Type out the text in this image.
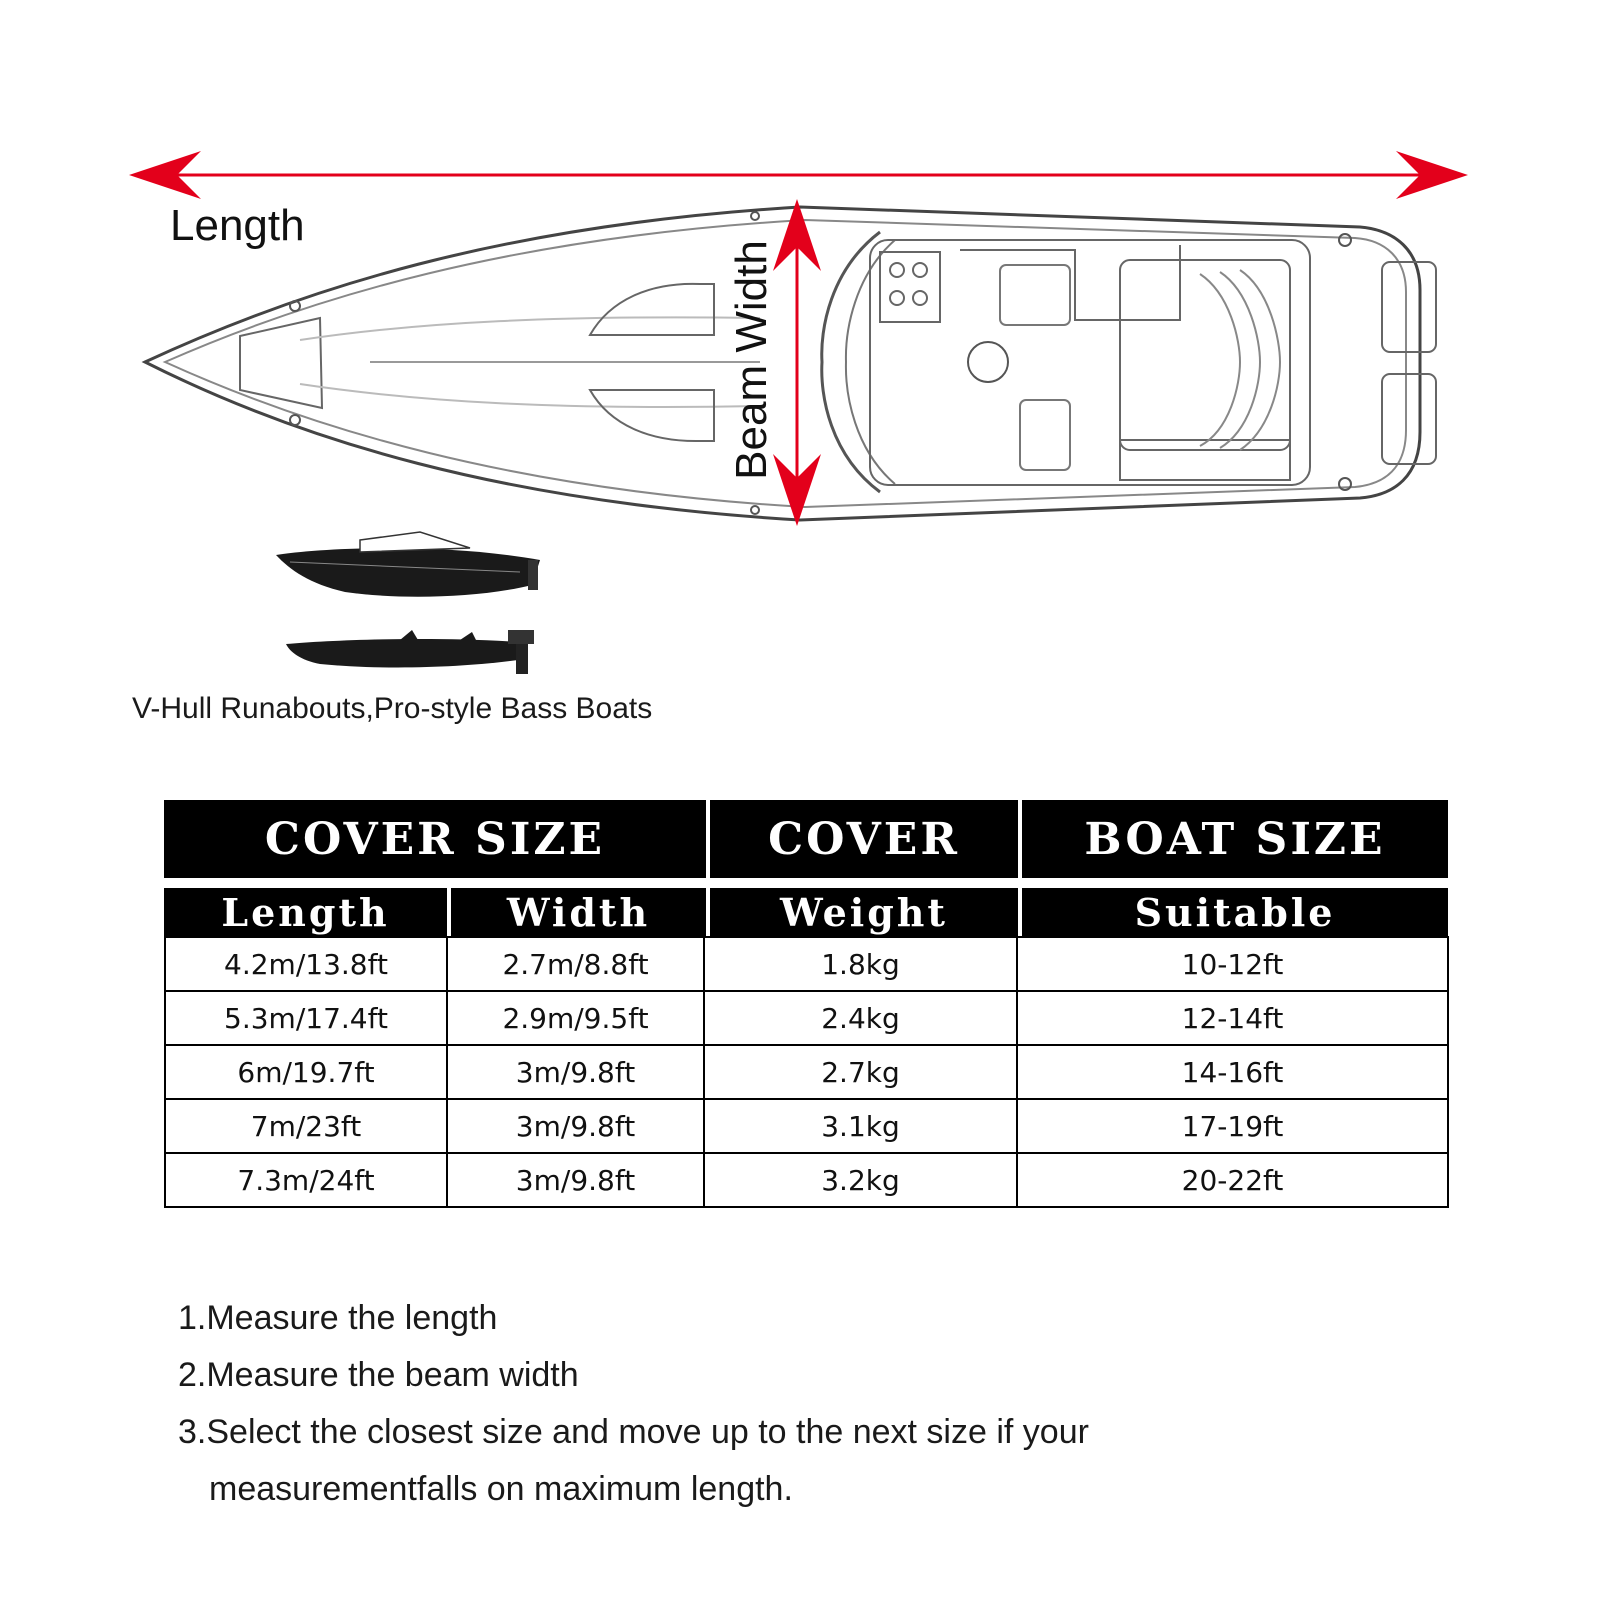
Length
Beam Width
V-Hull Runabouts,Pro-style Bass Boats
COVER SIZE	COVER	BOAT SIZE
Length	Width	Weight	Suitable
4.2m/13.8ft	2.7m/8.8ft	1.8kg	10-12ft
5.3m/17.4ft	2.9m/9.5ft	2.4kg	12-14ft
6m/19.7ft	3m/9.8ft	2.7kg	14-16ft
7m/23ft	3m/9.8ft	3.1kg	17-19ft
7.3m/24ft	3m/9.8ft	3.2kg	20-22ft
1.Measure the length
2.Measure the beam width
3.Select the closest size and move up to the next size if your
measurementfalls on maximum length.
